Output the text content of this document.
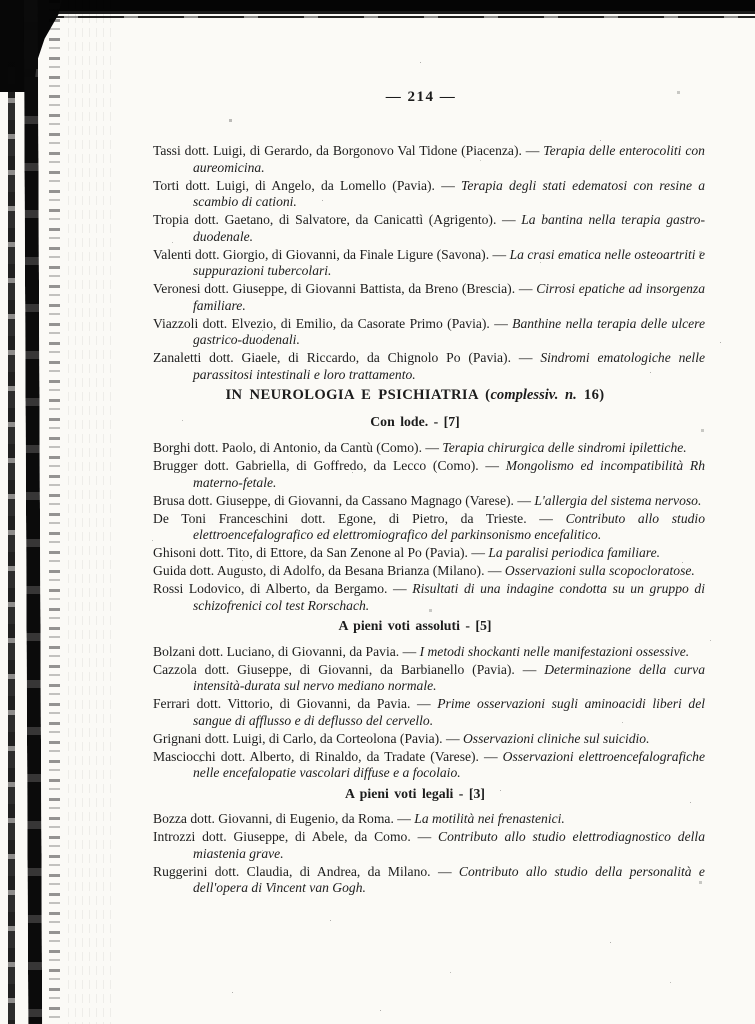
— 214 —

Tassi dott. Luigi, di Gerardo, da Borgonovo Val Tidone (Piacenza). — Terapia delle enterocoliti con aureomicina.

Torti dott. Luigi, di Angelo, da Lomello (Pavia). — Terapia degli stati edematosi con resine a scambio di cationi.

Tropia dott. Gaetano, di Salvatore, da Canicattì (Agrigento). — La bantina nella terapia gastro-duodenale.

Valenti dott. Giorgio, di Giovanni, da Finale Ligure (Savona). — La crasi ematica nelle osteoartriti e suppurazioni tubercolari.

Veronesi dott. Giuseppe, di Giovanni Battista, da Breno (Brescia). — Cirrosi epatiche ad insorgenza familiare.

Viazzoli dott. Elvezio, di Emilio, da Casorate Primo (Pavia). — Banthine nella terapia delle ulcere gastrico-duodenali.

Zanaletti dott. Giaele, di Riccardo, da Chignolo Po (Pavia). — Sindromi ematologiche nelle parassitosi intestinali e loro trattamento.

IN NEUROLOGIA E PSICHIATRIA (complessiv. n. 16)
Con lode. - [7]

Borghi dott. Paolo, di Antonio, da Cantù (Como). — Terapia chirurgica delle sindromi ipilettiche.

Brugger dott. Gabriella, di Goffredo, da Lecco (Como). — Mongolismo ed incompatibilità Rh materno-fetale.

Brusa dott. Giuseppe, di Giovanni, da Cassano Magnago (Varese). — L'allergia del sistema nervoso.

De Toni Franceschini dott. Egone, di Pietro, da Trieste. — Contributo allo studio elettroencefalografico ed elettromiografico del parkinsonismo encefalitico.

Ghisoni dott. Tito, di Ettore, da San Zenone al Po (Pavia). — La paralisi periodica familiare.

Guida dott. Augusto, di Adolfo, da Besana Brianza (Milano). — Osservazioni sulla scopocloratose.

Rossi Lodovico, di Alberto, da Bergamo. — Risultati di una indagine condotta su un gruppo di schizofrenici col test Rorschach.

A pieni voti assoluti - [5]

Bolzani dott. Luciano, di Giovanni, da Pavia. — I metodi shockanti nelle manifestazioni ossessive.

Cazzola dott. Giuseppe, di Giovanni, da Barbianello (Pavia). — Determinazione della curva intensità-durata sul nervo mediano normale.

Ferrari dott. Vittorio, di Giovanni, da Pavia. — Prime osservazioni sugli aminoacidi liberi del sangue di afflusso e di deflusso del cervello.

Grignani dott. Luigi, di Carlo, da Corteolona (Pavia). — Osservazioni cliniche sul suicidio.

Masciocchi dott. Alberto, di Rinaldo, da Tradate (Varese). — Osservazioni elettroencefalografiche nelle encefalopatie vascolari diffuse e a focolaio.

A pieni voti legali - [3]

Bozza dott. Giovanni, di Eugenio, da Roma. — La motilità nei frenastenici.

Introzzi dott. Giuseppe, di Abele, da Como. — Contributo allo studio elettrodiagnostico della miastenia grave.

Ruggerini dott. Claudia, di Andrea, da Milano. — Contributo allo studio della personalità e dell'opera di Vincent van Gogh.
